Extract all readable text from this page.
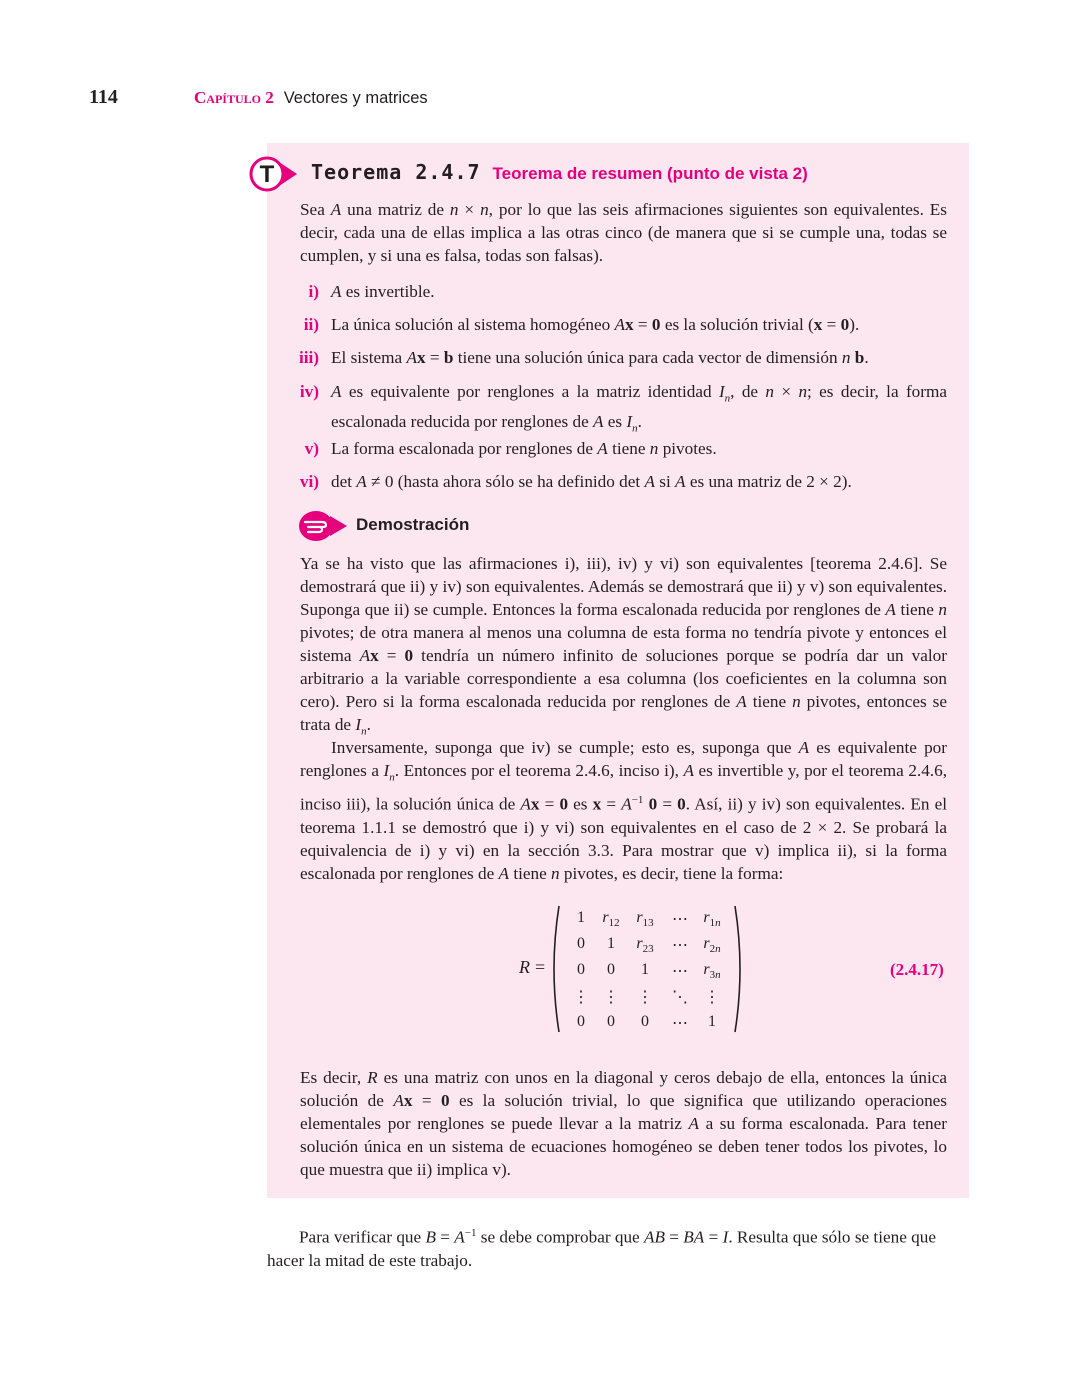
114	Capítulo 2 Vectores y matrices
T Teorema 2.4.7 Teorema de resumen (punto de vista 2)
Sea A una matriz de n × n, por lo que las seis afirmaciones siguientes son equivalentes. Es decir, cada una de ellas implica a las otras cinco (de manera que si se cumple una, todas se cumplen, y si una es falsa, todas son falsas).
i) A es invertible.
ii) La única solución al sistema homogéneo Ax = 0 es la solución trivial (x = 0).
iii) El sistema Ax = b tiene una solución única para cada vector de dimensión n b.
iv) A es equivalente por renglones a la matriz identidad $I_n$, de n × n; es decir, la forma escalonada reducida por renglones de A es $I_n$.
v) La forma escalonada por renglones de A tiene n pivotes.
vi) det A ≠ 0 (hasta ahora sólo se ha definido det A si A es una matriz de 2 × 2).
Demostración
Ya se ha visto que las afirmaciones i), iii), iv) y vi) son equivalentes [teorema 2.4.6]. Se demostrará que ii) y iv) son equivalentes. Además se demostrará que ii) y v) son equivalentes. Suponga que ii) se cumple. Entonces la forma escalonada reducida por renglones de A tiene n pivotes; de otra manera al menos una columna de esta forma no tendría pivote y entonces el sistema Ax = 0 tendría un número infinito de soluciones porque se podría dar un valor arbitrario a la variable correspondiente a esa columna (los coeficientes en la columna son cero). Pero si la forma escalonada reducida por renglones de A tiene n pivotes, entonces se trata de $I_n$.
Inversamente, suponga que iv) se cumple; esto es, suponga que A es equivalente por renglones a $I_n$. Entonces por el teorema 2.4.6, inciso i), A es invertible y, por el teorema 2.4.6, inciso iii), la solución única de Ax = 0 es $x = A^{-1}$ 0 = 0. Así, ii) y iv) son equivalentes. En el teorema 1.1.1 se demostró que i) y vi) son equivalentes en el caso de 2 × 2. Se probará la equivalencia de i) y vi) en la sección 3.3. Para mostrar que v) implica ii), si la forma escalonada por renglones de A tiene n pivotes, es decir, tiene la forma:
R =
1	$r_{12}$	$r_{13}$	⋯ $r_{1n}$
0	1	$r_{23}$	⋯ $r_{2n}$
0	0	1	⋯ $r_{3n}$
⋮ ⋮	⋮	⋱	⋮
0	0	0	⋯	1
(2.4.17)
Es decir, R es una matriz con unos en la diagonal y ceros debajo de ella, entonces la única solución de Ax = 0 es la solución trivial, lo que significa que utilizando operaciones elementales por renglones se puede llevar a la matriz A a su forma escalonada. Para tener solución única en un sistema de ecuaciones homogéneo se deben tener todos los pivotes, lo que muestra que ii) implica v).
Para verificar que $B = A^{-1}$ se debe comprobar que AB = BA = I. Resulta que sólo se tiene que hacer la mitad de este trabajo.
